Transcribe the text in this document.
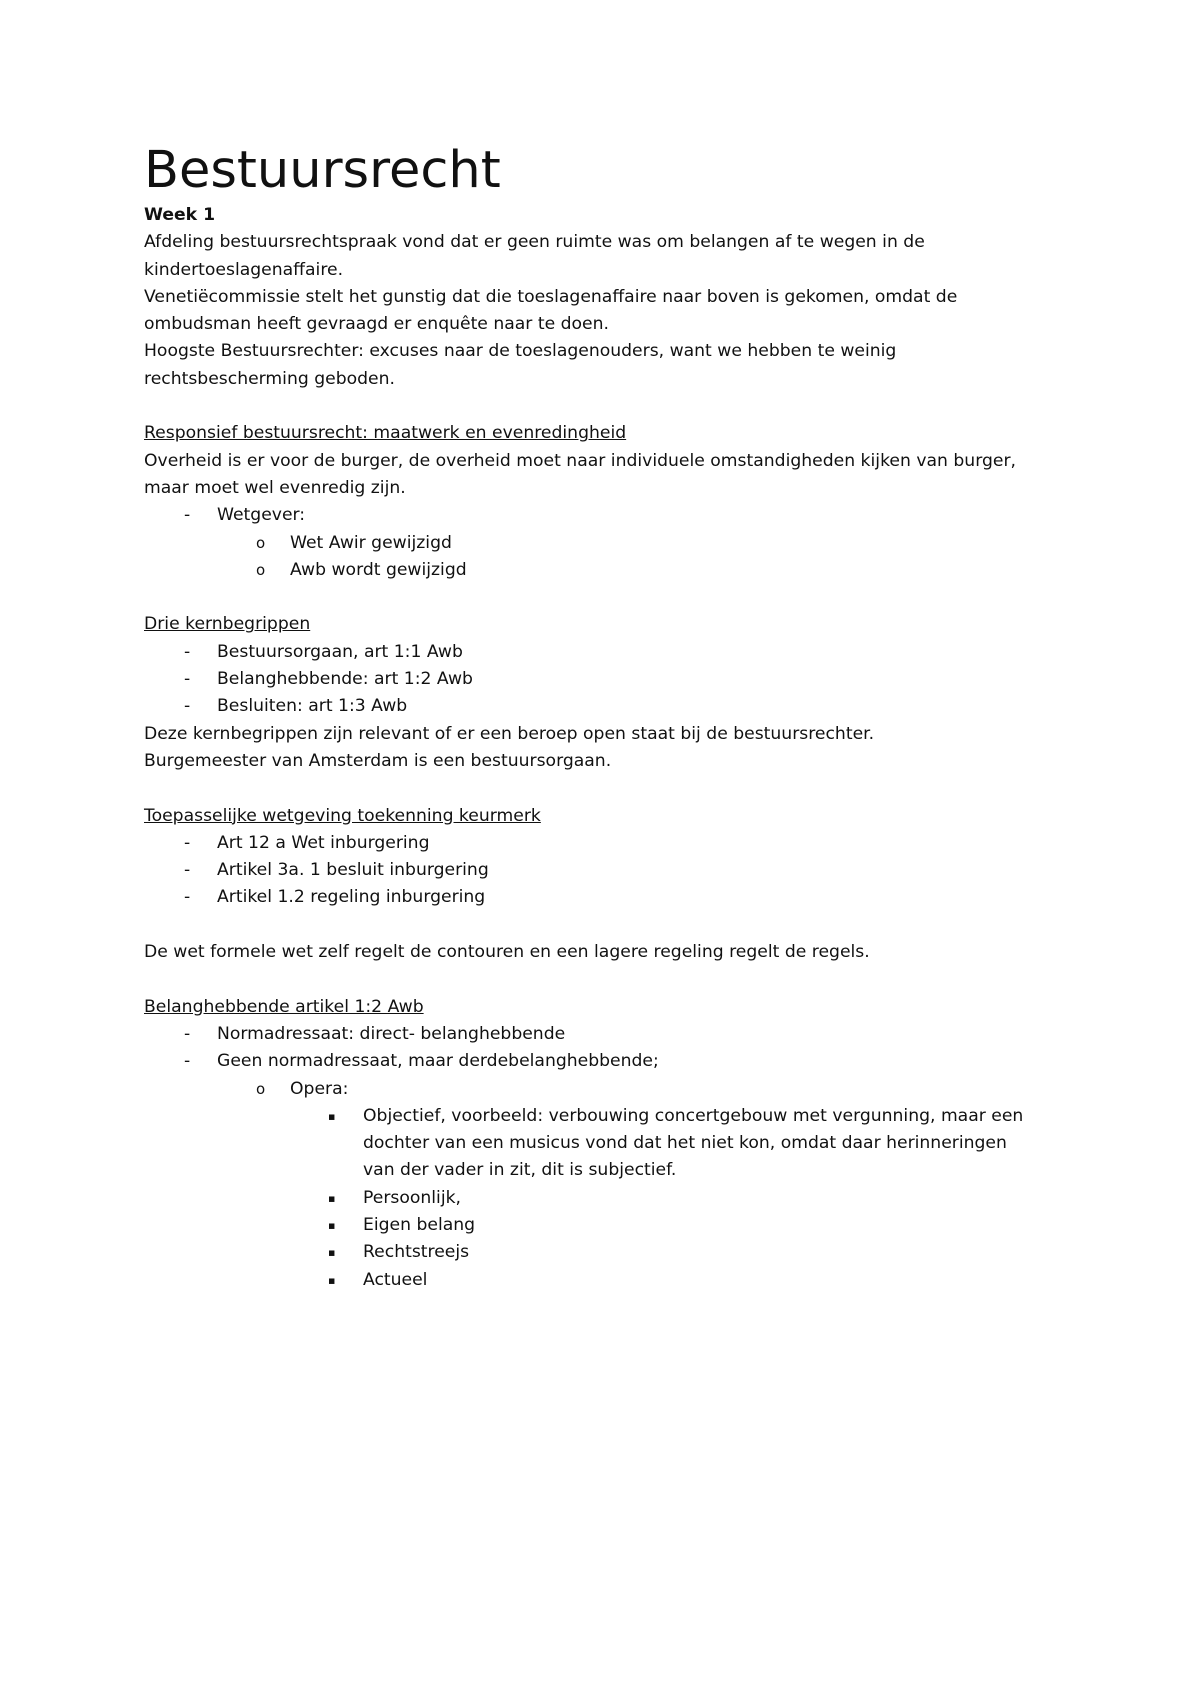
Bestuursrecht
Week 1
Afdeling bestuursrechtspraak vond dat er geen ruimte was om belangen af te wegen in de
kindertoeslagenaffaire.
Venetiëcommissie stelt het gunstig dat die toeslagenaffaire naar boven is gekomen, omdat de
ombudsman heeft gevraagd er enquête naar te doen.
Hoogste Bestuursrechter: excuses naar de toeslagenouders, want we hebben te weinig
rechtsbescherming geboden.
Responsief bestuursrecht: maatwerk en evenredingheid
Overheid is er voor de burger, de overheid moet naar individuele omstandigheden kijken van burger,
maar moet wel evenredig zijn.
- Wetgever:
o Wet Awir gewijzigd
o Awb wordt gewijzigd
Drie kernbegrippen
- Bestuursorgaan, art 1:1 Awb
- Belanghebbende: art 1:2 Awb
- Besluiten: art 1:3 Awb
Deze kernbegrippen zijn relevant of er een beroep open staat bij de bestuursrechter.
Burgemeester van Amsterdam is een bestuursorgaan.
Toepasselijke wetgeving toekenning keurmerk
- Art 12 a Wet inburgering
- Artikel 3a. 1 besluit inburgering
- Artikel 1.2 regeling inburgering
De wet formele wet zelf regelt de contouren en een lagere regeling regelt de regels.
Belanghebbende artikel 1:2 Awb
- Normadressaat: direct- belanghebbende
- Geen normadressaat, maar derdebelanghebbende;
o Opera:
▪ Objectief, voorbeeld: verbouwing concertgebouw met vergunning, maar een
dochter van een musicus vond dat het niet kon, omdat daar herinneringen
van der vader in zit, dit is subjectief.
▪ Persoonlijk,
▪ Eigen belang
▪ Rechtstreejs
▪ Actueel
